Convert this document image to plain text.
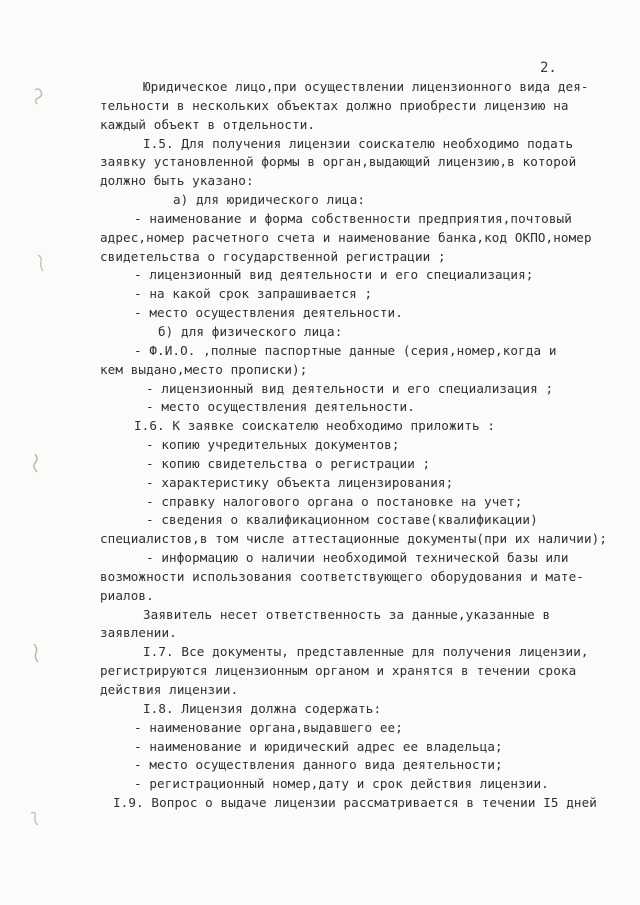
2.
Юридическое лицо,при осуществлении лицензионного вида дея-
тельности в нескольких объектах должно приобрести лицензию на
каждый объект в отдельности.
I.5. Для получения лицензии соискателю необходимо подать
заявку установленной формы в орган,выдающий лицензию,в которой
должно быть указано:
а) для юридического лица:
- наименование и форма собственности предприятия,почтовый
адрес,номер расчетного счета и наименование банка,код ОКПО,номер
свидетельства о государственной регистрации ;
- лицензионный вид деятельности и его специализация;
- на какой срок запрашивается ;
- место осуществления деятельности.
б) для физического лица:
- Ф.И.О. ,полные паспортные данные (серия,номер,когда и
кем выдано,место прописки);
- лицензионный вид деятельности и его специализация ;
- место осуществления деятельности.
I.6. К заявке соискателю необходимо приложить :
- копию учредительных документов;
- копию свидетельства о регистрации ;
- характеристику объекта лицензирования;
- справку налогового органа о постановке на учет;
- сведения о квалификационном составе(квалификации)
специалистов,в том числе аттестационные документы(при их наличии);
- информацию о наличии необходимой технической базы или
возможности использования соответствующего оборудования и мате-
риалов.
Заявитель несет ответственность за данные,указанные в
заявлении.
I.7. Все документы, представленные для получения лицензии,
регистрируются лицензионным органом и хранятся в течении срока
действия лицензии.
I.8. Лицензия должна содержать:
- наименование органа,выдавшего ее;
- наименование и юридический адрес ее владельца;
- место осуществления данного вида деятельности;
- регистрационный номер,дату и срок действия лицензии.
I.9. Вопрос о выдаче лицензии рассматривается в течении I5 дней
